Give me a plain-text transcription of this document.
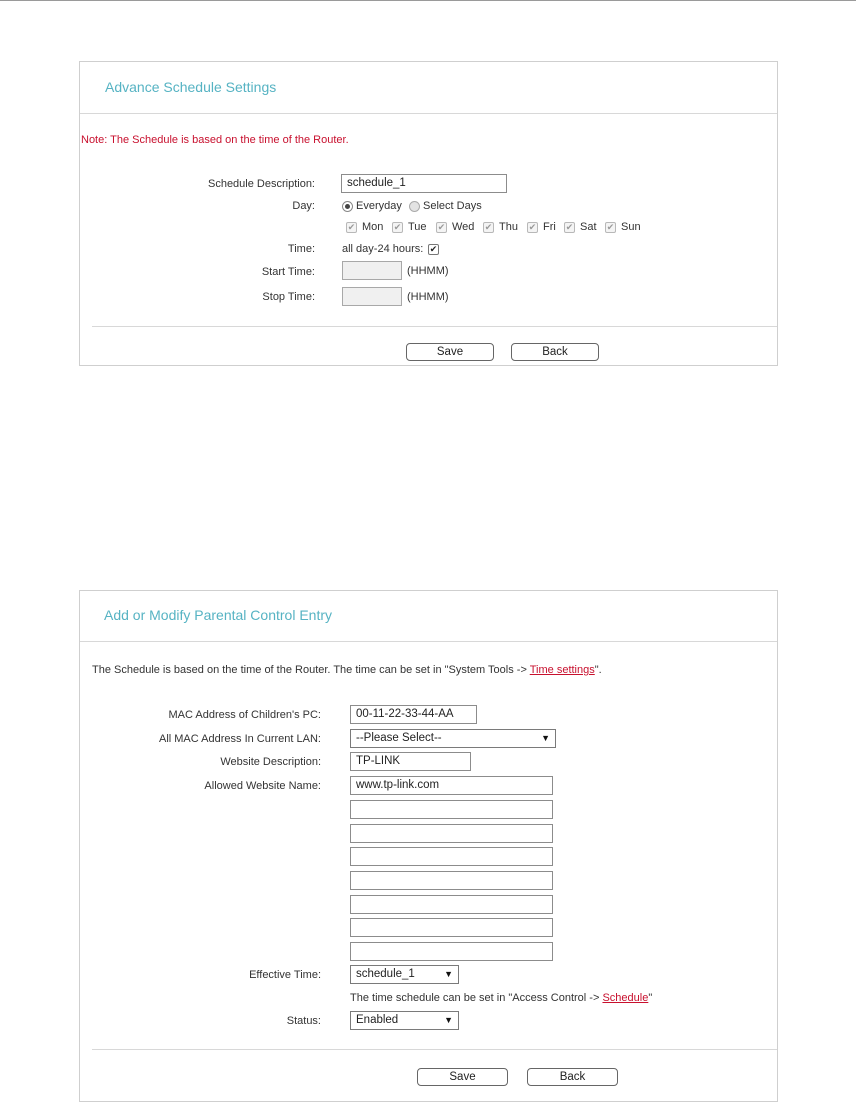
Advance Schedule Settings
Note: The Schedule is based on the time of the Router.
Schedule Description:	schedule_1
Day:	Everyday Select Days
✔ Mon ✔ Tue ✔ Wed ✔ Thu ✔ Fri ✔ Sat ✔ Sun
Time: all day-24 hours: ✔
Start Time:	(HHMM)
Stop Time:	(HHMM)
Save	Back
Add or Modify Parental Control Entry
The Schedule is based on the time of the Router. The time can be set in "System Tools -> Time settings".
MAC Address of Children's PC:	00-11-22-33-44-AA
All MAC Address In Current LAN:	--Please Select--	▼
Website Description:	TP-LINK
Allowed Website Name:	www.tp-link.com
Effective Time:	schedule_1	▼
The time schedule can be set in "Access Control -> Schedule"
Status:	Enabled	▼
Save	Back
